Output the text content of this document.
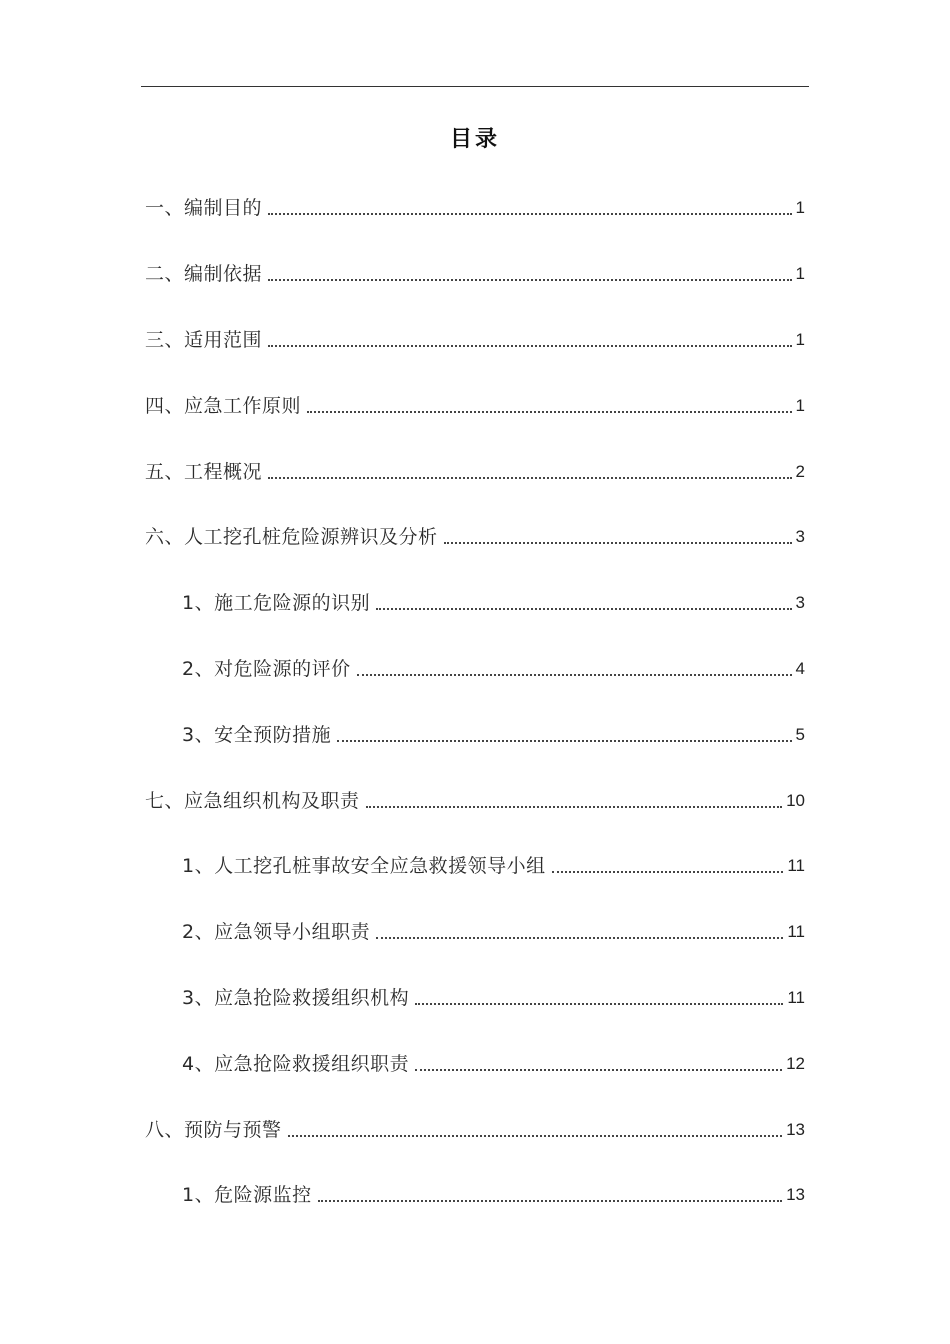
目录
一、编制目的	1
二、编制依据	1
三、适用范围	1
四、应急工作原则	1
五、工程概况	2
六、人工挖孔桩危险源辨识及分析	3
1、施工危险源的识别	3
2、对危险源的评价	4
3、安全预防措施	5
七、应急组织机构及职责	10
1、人工挖孔桩事故安全应急救援领导小组	11
2、应急领导小组职责	11
3、应急抢险救援组织机构	11
4、应急抢险救援组织职责	12
八、预防与预警	13
1、危险源监控	13
